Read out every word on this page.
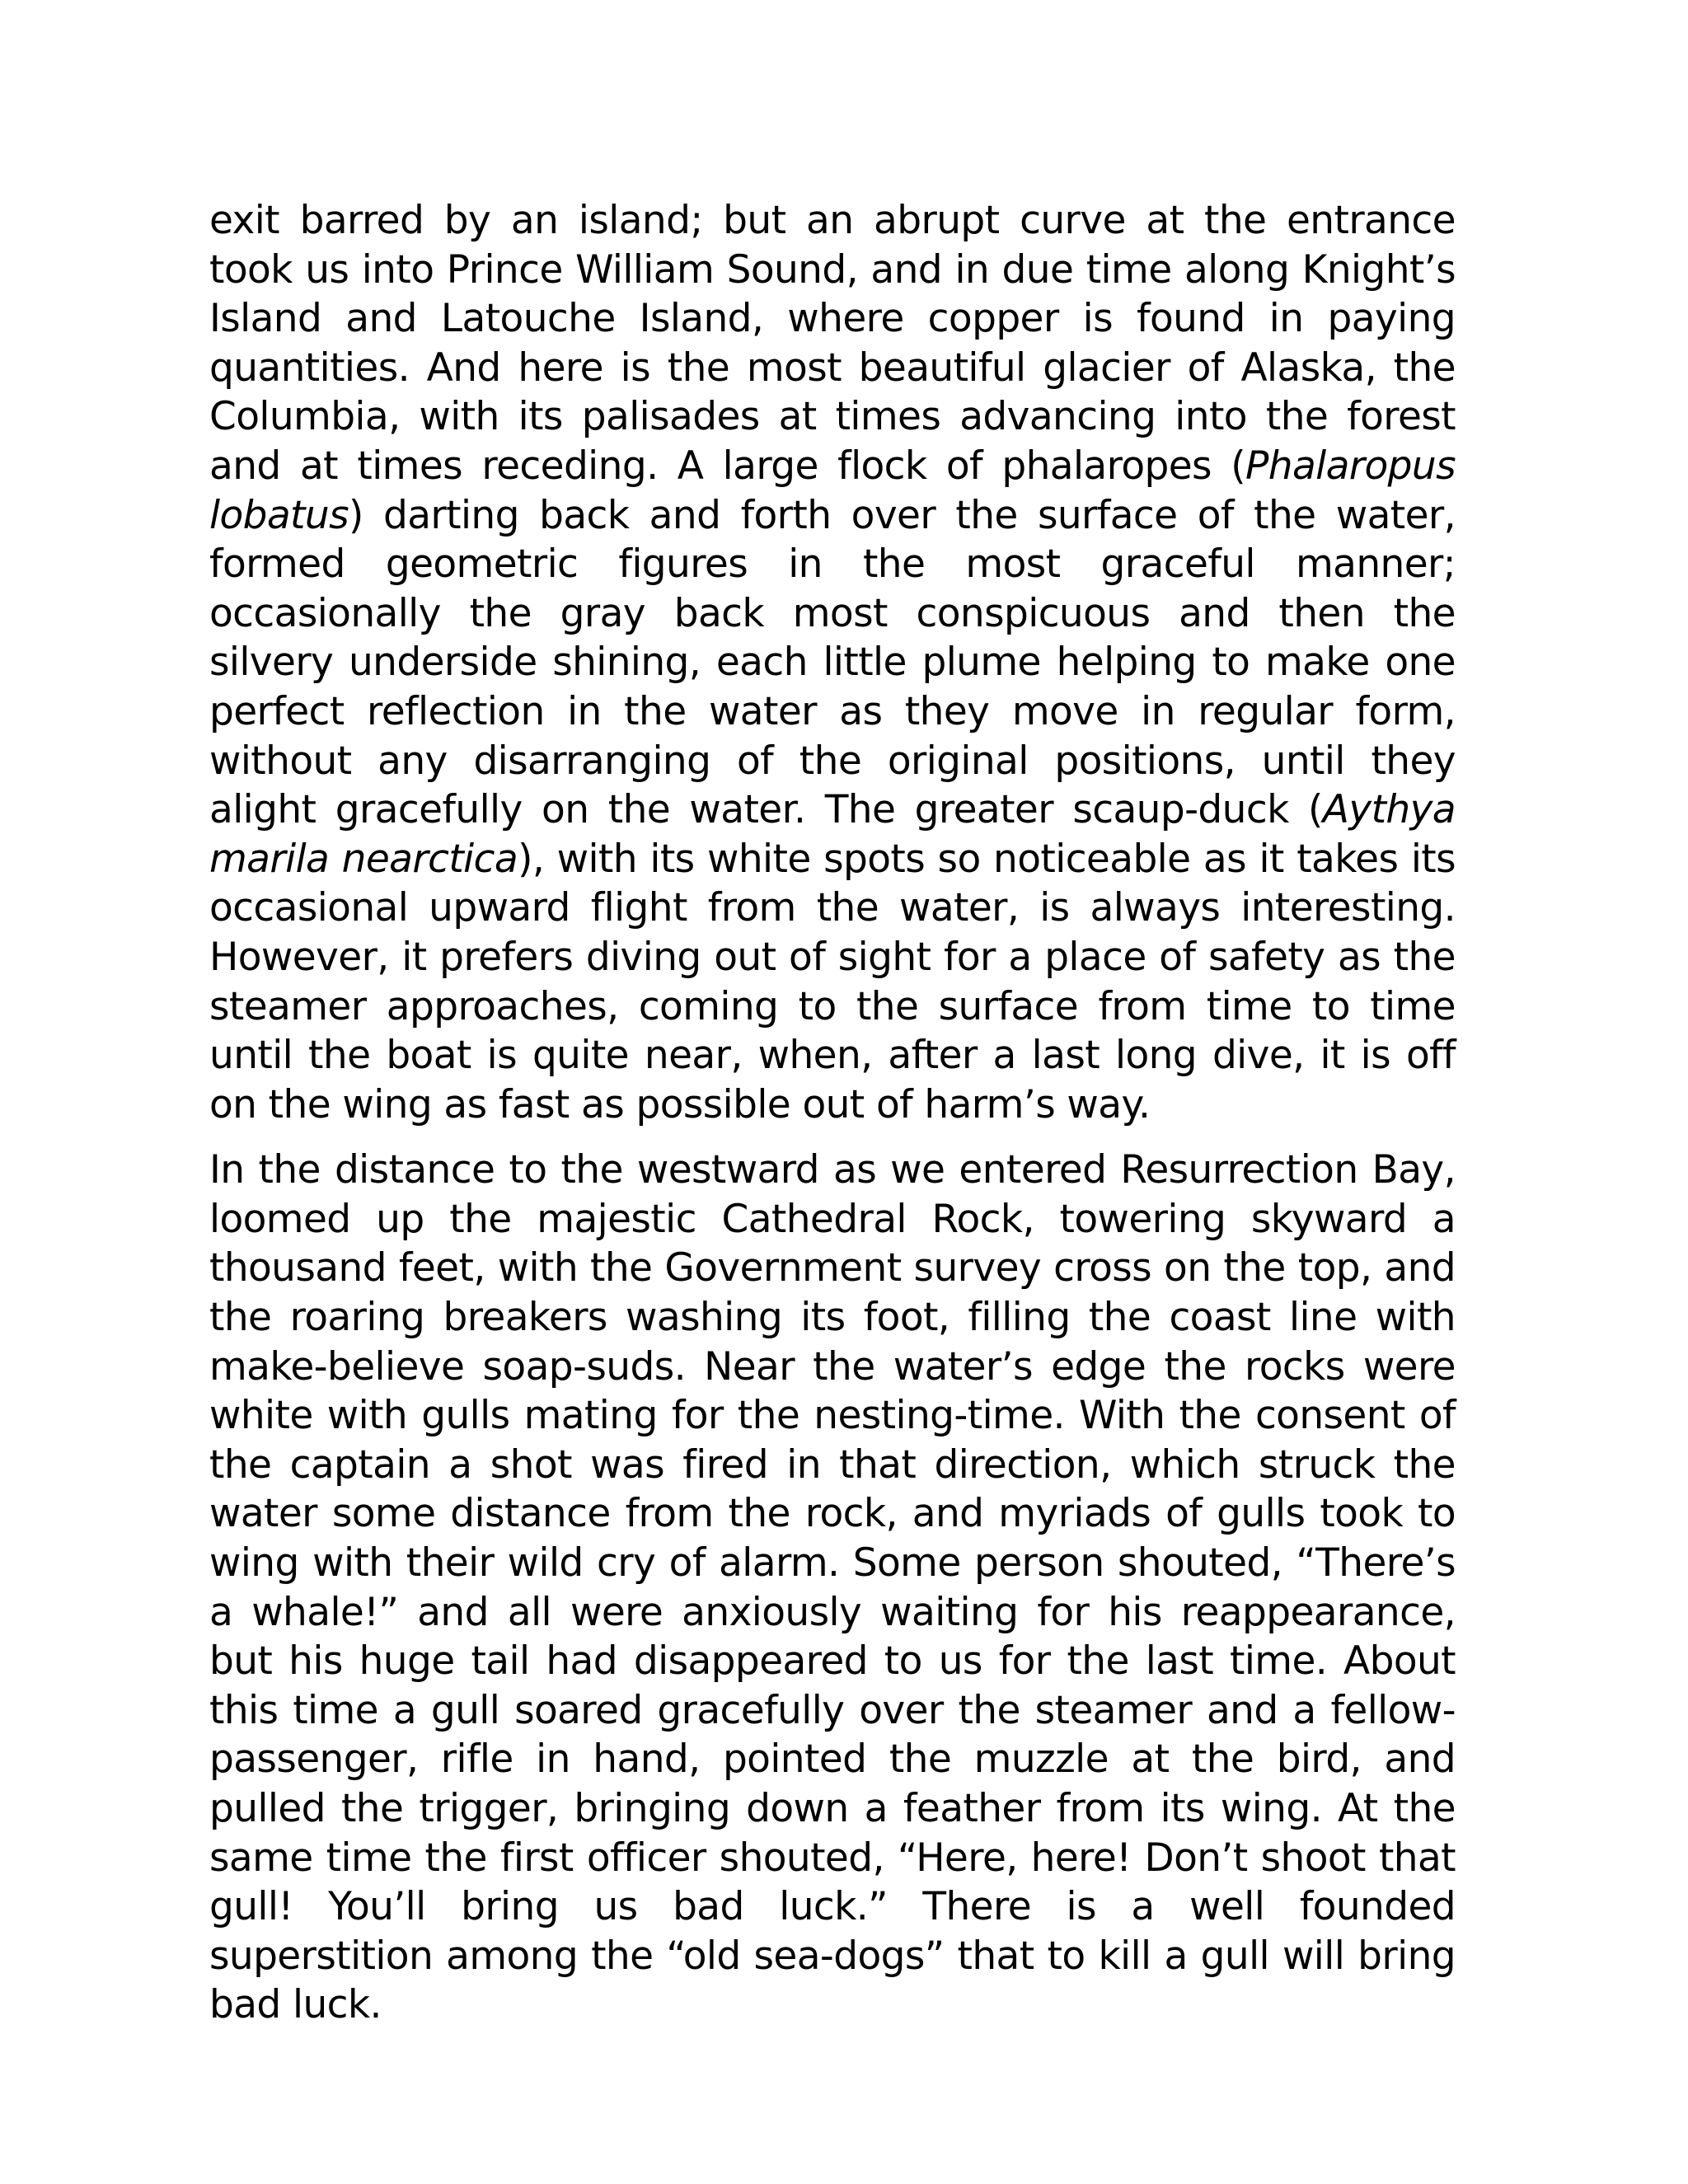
exit barred by an island; but an abrupt curve at the entrance took us into Prince William Sound, and in due time along Knight’s Island and Latouche Island, where copper is found in paying quantities. And here is the most beautiful glacier of Alaska, the Columbia, with its palisades at times advancing into the forest and at times receding. A large flock of phalaropes (Phalaropus lobatus) darting back and forth over the surface of the water, formed geometric figures in the most graceful manner; occasionally the gray back most conspicuous and then the silvery underside shining, each little plume helping to make one perfect reflection in the water as they move in regular form, without any disarranging of the original positions, until they alight gracefully on the water. The greater scaup-duck (Aythya marila nearctica), with its white spots so noticeable as it takes its occasional upward flight from the water, is always interesting. However, it prefers diving out of sight for a place of safety as the steamer approaches, coming to the surface from time to time until the boat is quite near, when, after a last long dive, it is off on the wing as fast as possible out of harm’s way.

In the distance to the westward as we entered Resurrection Bay, loomed up the majestic Cathedral Rock, towering skyward a thousand feet, with the Government survey cross on the top, and the roaring breakers washing its foot, filling the coast line with make-believe soap-suds. Near the water’s edge the rocks were white with gulls mating for the nesting-time. With the consent of the captain a shot was fired in that direction, which struck the water some distance from the rock, and myriads of gulls took to wing with their wild cry of alarm. Some person shouted, “There’s a whale!” and all were anxiously waiting for his reappearance, but his huge tail had disappeared to us for the last time. About this time a gull soared gracefully over the steamer and a fellow-passenger, rifle in hand, pointed the muzzle at the bird, and pulled the trigger, bringing down a feather from its wing. At the same time the first officer shouted, “Here, here! Don’t shoot that gull! You’ll bring us bad luck.” There is a well founded superstition among the “old sea-dogs” that to kill a gull will bring bad luck.
